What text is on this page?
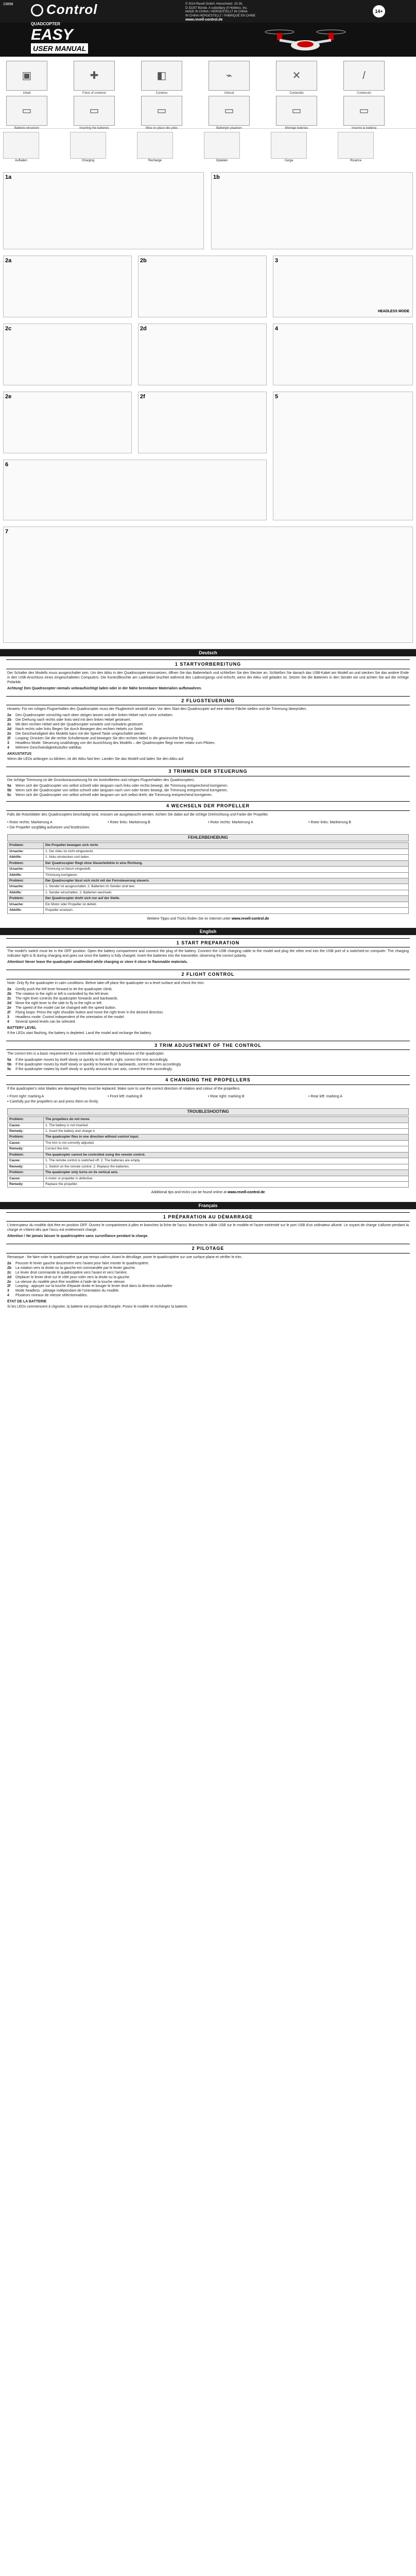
23898 Control	© 2014 Revell GmbH, Henschelstr. 20-30,
D-32257 Bünde. A subsidiary of Hobbico, Inc.
MADE IN CHINA / HERGESTELLT IN CHINA
IN CHINA HERGESTELLT / FABRIQUÉ EN CHINE
www.revell-control.de
14+
QUADCOPTER
EASY
USER MANUAL
▣
Inhalt
✚
Fotos of contents
◧
Contenu
⌁
Inhoud
✕
Contenido
/
Contenuto
▭
Batterie einsetzen
▭
Inserting the batteries
▭
Mise en place des piles
▭
Batterijen plaatsen
▭
Montaje baterías
▭
Inserire la batteria
Aufladen	Charging	Recharge	Opladen	Carga	Ricarica
1a	1b
2a	2b	3
HEADLESS MODE
2c	2d	4
2e	2f	5
6
7
Deutsch
1 STARTVORBEREITUNG

Der Schalter des Modells muss ausgeschaltet sein. Um den Akku in den Quadrocopter einzusetzen, öffnen Sie das Batteriefach und schließen Sie den Stecker an. Schließen Sie danach das USB-Kabel am Modell an und stecken Sie das andere Ende in den USB-Anschluss eines eingeschalteten Computers. Die Kontrollleuchte am Ladekabel leuchtet während des Ladevorgangs und erlischt, wenn der Akku voll geladen ist. Setzen Sie die Batterien in den Sender ein und achten Sie auf die richtige Polarität.

Achtung! Den Quadrocopter niemals unbeaufsichtigt laden oder in der Nähe brennbarer Materialien aufbewahren.

2 FLUGSTEUERUNG

Hinweis: Für ein ruhiges Flugverhalten des Quadrocopter muss der Flugbereich windstill sein. Vor dem Start den Quadrocopter auf eine ebene Fläche stellen und die Trimmung überprüfen.

2a	Den Quadrocopter vorsichtig nach oben steigen lassen und den linken Hebel nach vorne schieben.
2b	Die Drehung nach rechts oder links wird mit dem linken Hebel gesteuert.
2c	Mit dem rechten Hebel wird der Quadrocopter vorwärts und rückwärts gesteuert.
2d	Nach rechts oder links fliegen Sie durch Bewegen des rechten Hebels zur Seite.
2e	Die Geschwindigkeit des Modells kann mit der Speed-Taste umgeschaltet werden.
2f	Looping: Drücken Sie die rechte Schultertaste und bewegen Sie den rechten Hebel in die gewünschte Richtung.
3	Headless Mode: Steuerung unabhängig von der Ausrichtung des Modells – der Quadrocopter fliegt immer relativ zum Piloten.
4	Mehrere Geschwindigkeitsstufen wählbar.
AKKUSTATUS

Wenn die LEDs anfangen zu blinken, ist der Akku fast leer. Landen Sie das Modell und laden Sie den Akku auf.

3 TRIMMEN DER STEUERUNG

Die richtige Trimmung ist die Grundvoraussetzung für ein kontrolliertes und ruhiges Flugverhalten des Quadrocopters.

5a	Wenn sich der Quadrocopter von selbst schnell oder langsam nach links oder rechts bewegt, die Trimmung entsprechend korrigieren.
5b	Wenn sich der Quadrocopter von selbst schnell oder langsam nach vorn oder hinten bewegt, die Trimmung entsprechend korrigieren.
5c	Wenn sich der Quadrocopter von selbst schnell oder langsam um sich selbst dreht, die Trimmung entsprechend korrigieren.
4 WECHSELN DER PROPELLER

Falls die Rotorblätter des Quadrocopters beschädigt sind, müssen sie ausgetauscht werden. Achten Sie dabei auf die richtige Drehrichtung und Farbe der Propeller.

• Rotor rechts: Markierung A	• Rotor links: Markierung B	• Rotor rechts: Markierung A	• Rotor links: Markierung B

• Die Propeller sorgfältig aufsetzen und festdrücken.

FEHLERBEHEBUNG
Problem:	Die Propeller bewegen sich nicht.
Ursache:	1. Der Akku ist nicht eingesteckt.
Abhilfe:	1. Akku einstecken und laden.
Problem:	Der Quadrocopter fliegt ohne Steuerbefehle in eine Richtung.
Ursache:	Trimmung ist falsch eingestellt.
Abhilfe:	Trimmung korrigieren.
Problem:	Der Quadrocopter lässt sich nicht mit der Fernsteuerung steuern.
Ursache:	1. Sender ist ausgeschaltet. 2. Batterien im Sender sind leer.
Abhilfe:	1. Sender einschalten. 2. Batterien wechseln.
Problem:	Der Quadrocopter dreht sich nur auf der Stelle.
Ursache:	Ein Motor oder Propeller ist defekt.
Abhilfe:	Propeller ersetzen.
Weitere Tipps und Tricks finden Sie im Internet unter www.revell-control.de
English
1 START PREPARATION

The model's switch must be in the OFF position. Open the battery compartment and connect the plug of the battery. Connect the USB charging cable to the model and plug the other end into the USB port of a switched-on computer. The charging indicator light is lit during charging and goes out once the battery is fully charged. Insert the batteries into the transmitter, observing the correct polarity.

Attention! Never leave the quadcopter unattended while charging or store it close to flammable materials.

2 FLIGHT CONTROL

Note: Only fly the quadcopter in calm conditions. Before take-off place the quadcopter on a level surface and check the trim.

2a	Gently push the left lever forward to let the quadcopter climb.
2b	The rotation to the right or left is controlled by the left lever.
2c	The right lever controls the quadcopter forwards and backwards.
2d	Move the right lever to the side to fly to the right or left.
2e	The speed of the model can be changed with the speed button.
2f	Flying loops: Press the right shoulder button and move the right lever in the desired direction.
3	Headless mode: Control independent of the orientation of the model.
4	Several speed levels can be selected.
BATTERY LEVEL

If the LEDs start flashing, the battery is depleted. Land the model and recharge the battery.

3 TRIM ADJUSTMENT OF THE CONTROL

The correct trim is a basic requirement for a controlled and calm flight behaviour of the quadcopter.

5a	If the quadcopter moves by itself slowly or quickly to the left or right, correct the trim accordingly.
5b	If the quadcopter moves by itself slowly or quickly to forwards or backwards, correct the trim accordingly.
5c	If the quadcopter rotates by itself slowly or quickly around its own axis, correct the trim accordingly.
4 CHANGING THE PROPELLERS

If the quadcopter's rotor blades are damaged they must be replaced. Make sure to use the correct direction of rotation and colour of the propellers.

• Front right: marking A	• Front left: marking B	• Rear right: marking B	• Rear left: marking A

• Carefully put the propellers on and press them on firmly.

TROUBLESHOOTING
Problem:	The propellers do not move.
Cause:	1. The battery is not inserted.
Remedy:	1. Insert the battery and charge it.
Problem:	The quadcopter flies in one direction without control input.
Cause:	The trim is not correctly adjusted.
Remedy:	Correct the trim.
Problem:	The quadcopter cannot be controlled using the remote control.
Cause:	1. The remote control is switched off. 2. The batteries are empty.
Remedy:	1. Switch on the remote control. 2. Replace the batteries.
Problem:	The quadcopter only turns on its vertical axis.
Cause:	A motor or propeller is defective.
Remedy:	Replace the propeller.
Additional tips and tricks can be found online at www.revell-control.de
Français
1 PRÉPARATION AU DÉMARRAGE

L'interrupteur du modèle doit être en position OFF. Ouvrez le compartiment à piles et branchez la fiche de l'accu. Branchez le câble USB sur le modèle et l'autre extrémité sur le port USB d'un ordinateur allumé. Le voyant de charge s'allume pendant la charge et s'éteint dès que l'accu est entièrement chargé.

Attention ! Ne jamais laisser le quadricoptère sans surveillance pendant la charge.

2 PILOTAGE

Remarque : Ne faire voler le quadricoptère que par temps calme. Avant le décollage, poser le quadricoptère sur une surface plane et vérifier le trim.

2a	Pousser le levier gauche doucement vers l'avant pour faire monter le quadricoptère.
2b	La rotation vers la droite ou la gauche est commandée par le levier gauche.
2c	Le levier droit commande le quadricoptère vers l'avant et vers l'arrière.
2d	Déplacer le levier droit sur le côté pour voler vers la droite ou la gauche.
2e	La vitesse du modèle peut être modifiée à l'aide de la touche vitesse.
2f	Looping : appuyer sur la touche d'épaule droite et bouger le levier droit dans la direction souhaitée.
3	Mode headless : pilotage indépendant de l'orientation du modèle.
4	Plusieurs niveaux de vitesse sélectionnables.
ÉTAT DE LA BATTERIE

Si les LEDs commencent à clignoter, la batterie est presque déchargée. Posez le modèle et rechargez la batterie.
